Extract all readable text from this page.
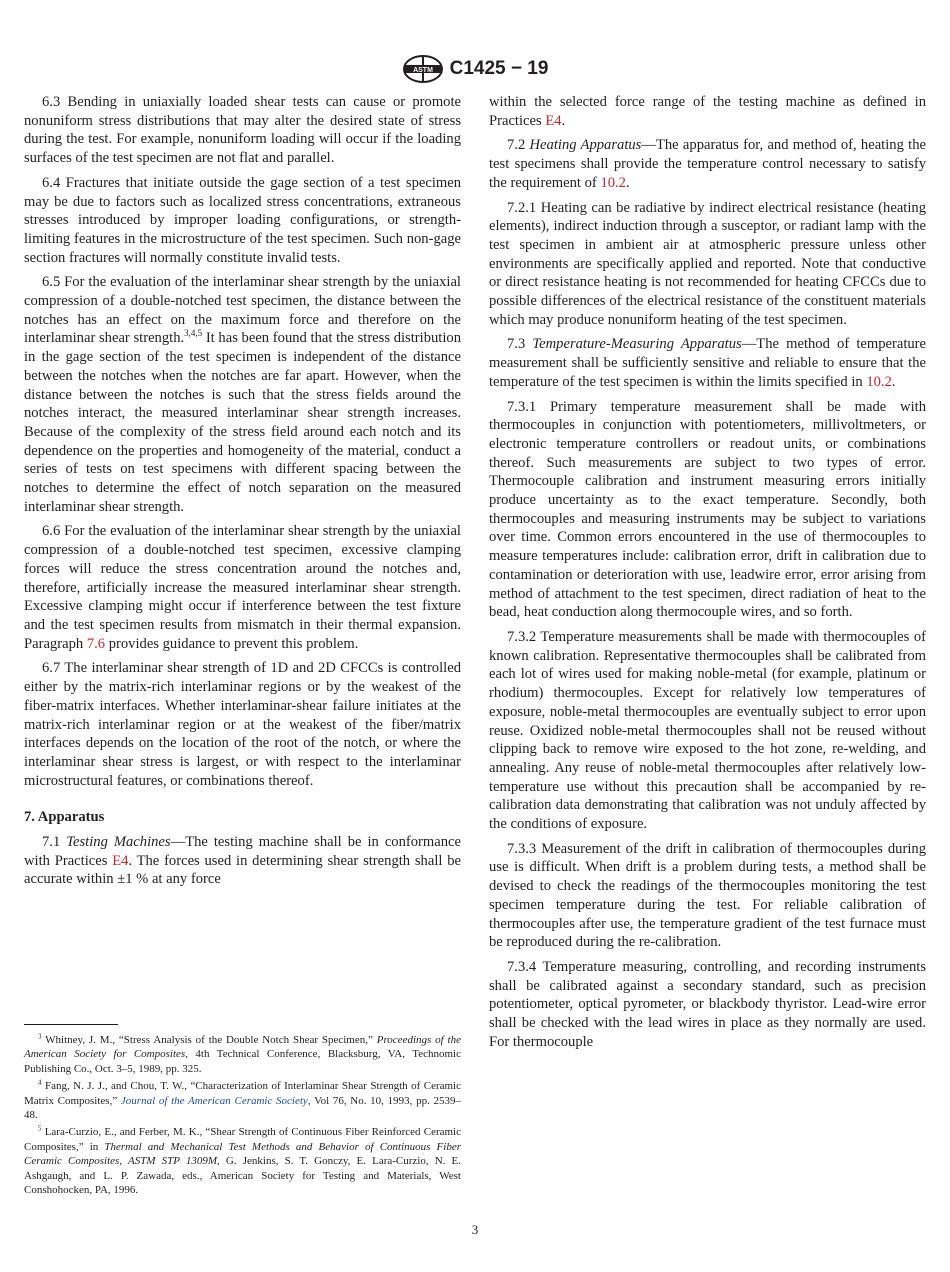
ASTM C1425 − 19

6.3 Bending in uniaxially loaded shear tests can cause or promote nonuniform stress distributions that may alter the desired state of stress during the test. For example, nonuniform loading will occur if the loading surfaces of the test specimen are not flat and parallel.

6.4 Fractures that initiate outside the gage section of a test specimen may be due to factors such as localized stress concentrations, extraneous stresses introduced by improper loading configurations, or strength-limiting features in the microstructure of the test specimen. Such non-gage section fractures will normally constitute invalid tests.

6.5 For the evaluation of the interlaminar shear strength by the uniaxial compression of a double-notched test specimen, the distance between the notches has an effect on the maximum force and therefore on the interlaminar shear strength.$^{3,4,5}$ It has been found that the stress distribution in the gage section of the test specimen is independent of the distance between the notches when the notches are far apart. However, when the distance between the notches is such that the stress fields around the notches interact, the measured interlaminar shear strength increases. Because of the complexity of the stress field around each notch and its dependence on the properties and homogeneity of the material, conduct a series of tests on test specimens with different spacing between the notches to determine the effect of notch separation on the measured interlaminar shear strength.

6.6 For the evaluation of the interlaminar shear strength by the uniaxial compression of a double-notched test specimen, excessive clamping forces will reduce the stress concentration around the notches and, therefore, artificially increase the measured interlaminar shear strength. Excessive clamping might occur if interference between the test fixture and the test specimen results from mismatch in their thermal expansion. Paragraph 7.6 provides guidance to prevent this problem.

6.7 The interlaminar shear strength of 1D and 2D CFCCs is controlled either by the matrix-rich interlaminar regions or by the weakest of the fiber-matrix interfaces. Whether interlaminar-shear failure initiates at the matrix-rich interlaminar region or at the weakest of the fiber/matrix interfaces depends on the location of the root of the notch, or where the interlaminar shear stress is largest, or with respect to the interlaminar microstructural features, or combinations thereof.

7. Apparatus

7.1 Testing Machines—The testing machine shall be in conformance with Practices E4. The forces used in determining shear strength shall be accurate within ±1 % at any force

within the selected force range of the testing machine as defined in Practices E4.

7.2 Heating Apparatus—The apparatus for, and method of, heating the test specimens shall provide the temperature control necessary to satisfy the requirement of 10.2.

7.2.1 Heating can be radiative by indirect electrical resistance (heating elements), indirect induction through a susceptor, or radiant lamp with the test specimen in ambient air at atmospheric pressure unless other environments are specifically applied and reported. Note that conductive or direct resistance heating is not recommended for heating CFCCs due to possible differences of the electrical resistance of the constituent materials which may produce nonuniform heating of the test specimen.

7.3 Temperature-Measuring Apparatus—The method of temperature measurement shall be sufficiently sensitive and reliable to ensure that the temperature of the test specimen is within the limits specified in 10.2.

7.3.1 Primary temperature measurement shall be made with thermocouples in conjunction with potentiometers, millivoltmeters, or electronic temperature controllers or readout units, or combinations thereof. Such measurements are subject to two types of error. Thermocouple calibration and instrument measuring errors initially produce uncertainty as to the exact temperature. Secondly, both thermocouples and measuring instruments may be subject to variations over time. Common errors encountered in the use of thermocouples to measure temperatures include: calibration error, drift in calibration due to contamination or deterioration with use, leadwire error, error arising from method of attachment to the test specimen, direct radiation of heat to the bead, heat conduction along thermocouple wires, and so forth.

7.3.2 Temperature measurements shall be made with thermocouples of known calibration. Representative thermocouples shall be calibrated from each lot of wires used for making noble-metal (for example, platinum or rhodium) thermocouples. Except for relatively low temperatures of exposure, noble-metal thermocouples are eventually subject to error upon reuse. Oxidized noble-metal thermocouples shall not be reused without clipping back to remove wire exposed to the hot zone, re-welding, and annealing. Any reuse of noble-metal thermocouples after relatively low-temperature use without this precaution shall be accompanied by re-calibration data demonstrating that calibration was not unduly affected by the conditions of exposure.

7.3.3 Measurement of the drift in calibration of thermocouples during use is difficult. When drift is a problem during tests, a method shall be devised to check the readings of the thermocouples monitoring the test specimen temperature during the test. For reliable calibration of thermocouples after use, the temperature gradient of the test furnace must be reproduced during the re-calibration.

7.3.4 Temperature measuring, controlling, and recording instruments shall be calibrated against a secondary standard, such as precision potentiometer, optical pyrometer, or blackbody thyristor. Lead-wire error shall be checked with the lead wires in place as they normally are used. For thermocouple

$^3$ Whitney, J. M., “Stress Analysis of the Double Notch Shear Specimen,” Proceedings of the American Society for Composites, 4th Technical Conference, Blacksburg, VA, Technomic Publishing Co., Oct. 3–5, 1989, pp. 325.

$^4$ Fang, N. J. J., and Chou, T. W., “Characterization of Interlaminar Shear Strength of Ceramic Matrix Composites,” Journal of the American Ceramic Society, Vol 76, No. 10, 1993, pp. 2539–48.

$^5$ Lara-Curzio, E., and Ferber, M. K., “Shear Strength of Continuous Fiber Reinforced Ceramic Composites,” in Thermal and Mechanical Test Methods and Behavior of Continuous Fiber Ceramic Composites, ASTM STP 1309M, G. Jenkins, S. T. Gonczy, E. Lara-Curzio, N. E. Ashgaugh, and L. P. Zawada, eds., American Society for Testing and Materials, West Conshohocken, PA, 1996.

3
